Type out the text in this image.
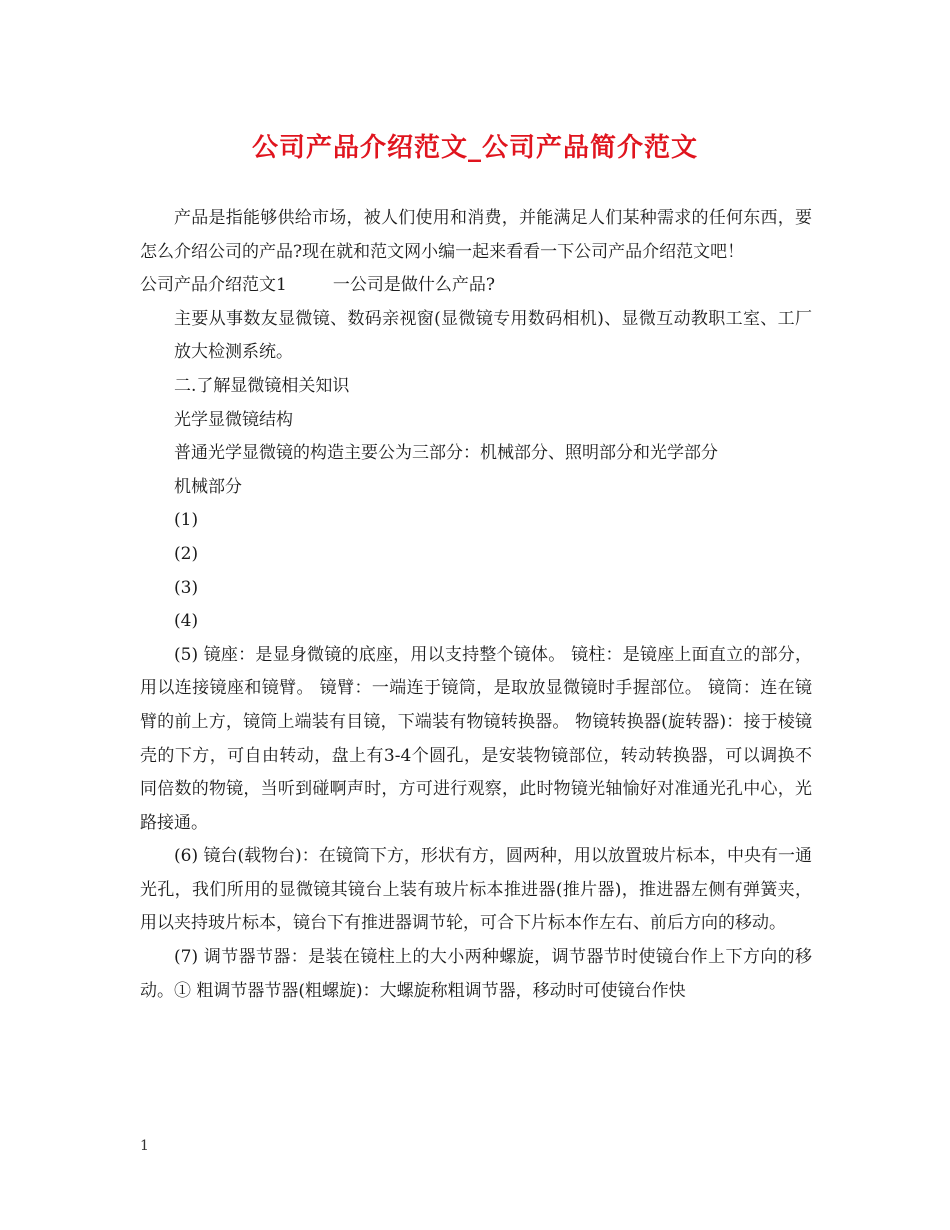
公司产品介绍范文_公司产品简介范文

产品是指能够供给市场，被人们使用和消费，并能满足人们某种需求的任何东西，要怎么介绍公司的产品?现在就和范文网小编一起来看看一下公司产品介绍范文吧！

公司产品介绍范文1	一公司是做什么产品?

主要从事数友显微镜、数码亲视窗(显微镜专用数码相机)、显微互动教职工室、工厂放大检测系统。

二.了解显微镜相关知识

光学显微镜结构

普通光学显微镜的构造主要公为三部分：机械部分、照明部分和光学部分

机械部分

(1)

(2)

(3)

(4)

(5) 镜座：是显身微镜的底座，用以支持整个镜体。 镜柱：是镜座上面直立的部分，用以连接镜座和镜臂。 镜臂：一端连于镜筒，是取放显微镜时手握部位。 镜筒：连在镜臂的前上方，镜筒上端装有目镜，下端装有物镜转换器。 物镜转换器(旋转器)：接于棱镜壳的下方，可自由转动，盘上有3-4个圆孔，是安装物镜部位，转动转换器，可以调换不同倍数的物镜，当听到碰啊声时，方可进行观察，此时物镜光轴愉好对准通光孔中心，光路接通。

(6) 镜台(载物台)：在镜筒下方，形状有方，圆两种，用以放置玻片标本，中央有一通光孔，我们所用的显微镜其镜台上装有玻片标本推进器(推片器)，推进器左侧有弹簧夹，用以夹持玻片标本，镜台下有推进器调节轮，可合下片标本作左右、前后方向的移动。

(7) 调节器节器：是装在镜柱上的大小两种螺旋，调节器节时使镜台作上下方向的移动。① 粗调节器节器(粗螺旋)：大螺旋称粗调节器，移动时可使镜台作快

1
